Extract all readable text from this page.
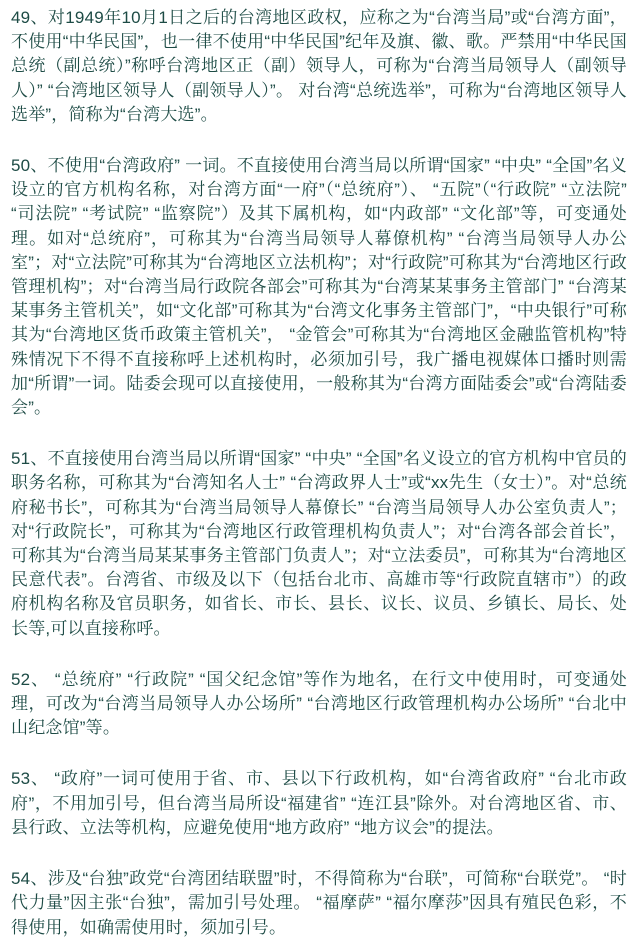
49、对1949年10月1日之后的台湾地区政权，应称之为“台湾当局”或“台湾方面”，不使用“中华民国”，也一律不使用“中华民国”纪年及旗、徽、歌。严禁用“中华民国总统（副总统）”称呼台湾地区正（副）领导人，可称为“台湾当局领导人（副领导人）” “台湾地区领导人（副领导人）”。 对台湾“总统选举”，可称为“台湾地区领导人选举”，简称为“台湾大选”。

50、不使用“台湾政府” 一词。不直接使用台湾当局以所谓“国家” “中央” “全国”名义设立的官方机构名称，对台湾方面“一府”（“总统府”）、 “五院”（“行政院” “立法院” “司法院” “考试院” “监察院”）及其下属机构，如“内政部” “文化部”等，可变通处理。如对“总统府”，可称其为“台湾当局领导人幕僚机构” “台湾当局领导人办公室”；对“立法院”可称其为“台湾地区立法机构”；对“行政院”可称其为“台湾地区行政管理机构”；对“台湾当局行政院各部会”可称其为“台湾某某事务主管部门” “台湾某某事务主管机关”，如“文化部”可称其为“台湾文化事务主管部门”，“中央银行”可称其为“台湾地区货币政策主管机关”， “金管会”可称其为“台湾地区金融监管机构”特殊情况下不得不直接称呼上述机构时，必须加引号，我广播电视媒体口播时则需加“所谓”一词。陆委会现可以直接使用，一般称其为“台湾方面陆委会”或“台湾陆委会”。

51、不直接使用台湾当局以所谓“国家” “中央” “全国”名义设立的官方机构中官员的职务名称，可称其为“台湾知名人士” “台湾政界人士”或“xx先生（女士）”。对“总统府秘书长”，可称其为“台湾当局领导人幕僚长” “台湾当局领导人办公室负责人”；对“行政院长”，可称其为“台湾地区行政管理机构负责人”；对“台湾各部会首长”，可称其为“台湾当局某某事务主管部门负责人”；对“立法委员”，可称其为“台湾地区民意代表”。台湾省、市级及以下（包括台北市、高雄市等“行政院直辖市”）的政府机构名称及官员职务，如省长、市长、县长、议长、议员、乡镇长、局长、处长等,可以直接称呼。

52、 “总统府” “行政院” “国父纪念馆”等作为地名，在行文中使用时，可变通处理，可改为“台湾当局领导人办公场所” “台湾地区行政管理机构办公场所” “台北中山纪念馆”等。

53、 “政府”一词可使用于省、市、县以下行政机构，如“台湾省政府” “台北市政府”，不用加引号，但台湾当局所设“福建省” “连江县”除外。对台湾地区省、市、县行政、立法等机构，应避免使用“地方政府” “地方议会”的提法。

54、涉及“台独”政党“台湾团结联盟”时，不得简称为“台联”，可简称“台联党”。 “时代力量”因主张“台独”，需加引号处理。 “福摩萨” “福尔摩莎”因具有殖民色彩，不得使用，如确需使用时，须加引号。
